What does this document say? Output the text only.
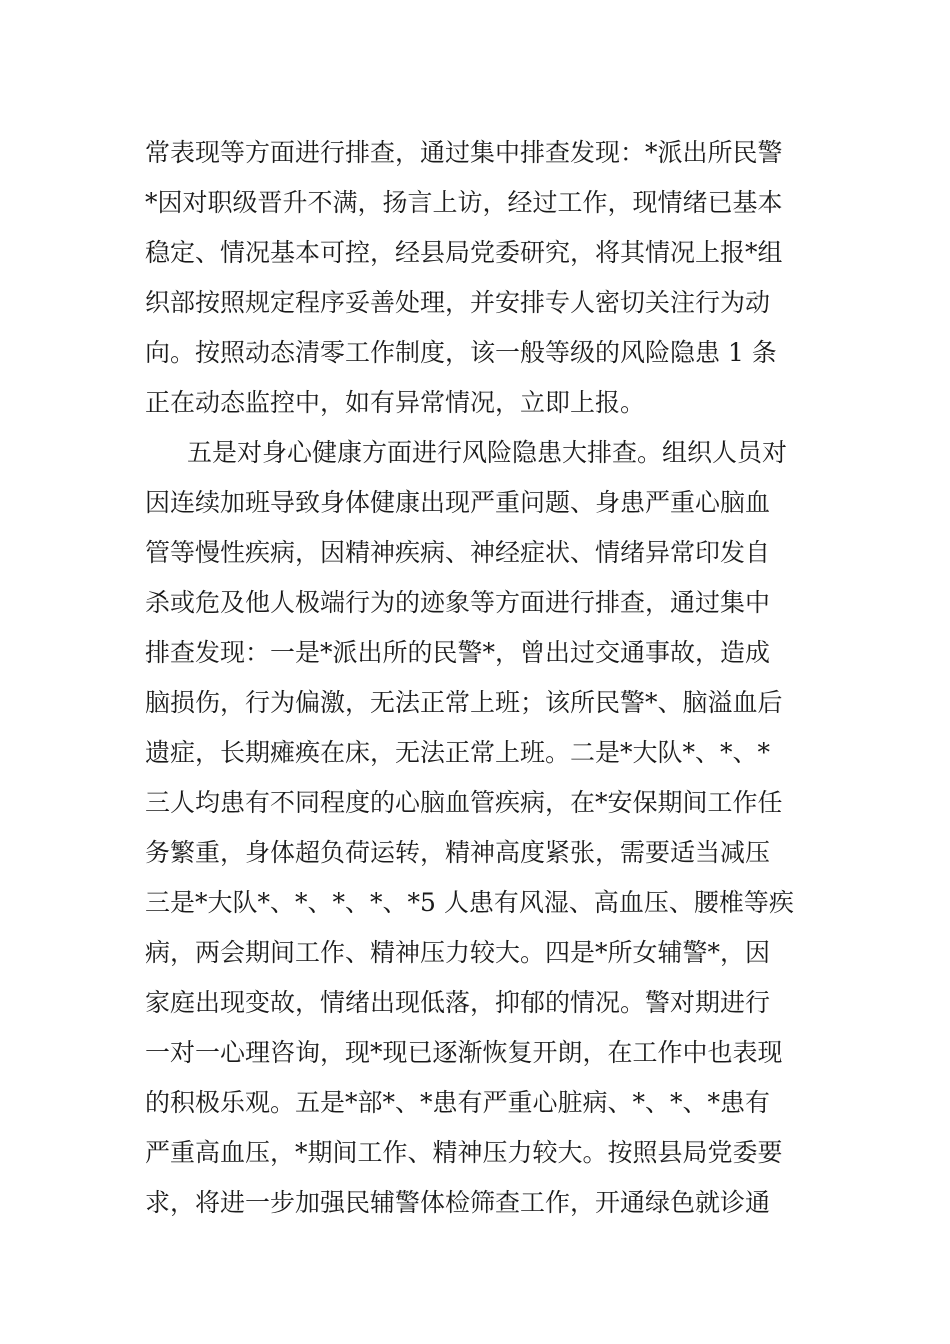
常表现等方面进行排查，通过集中排查发现：*派出所民警
*因对职级晋升不满，扬言上访，经过工作，现情绪已基本
稳定、情况基本可控，经县局党委研究，将其情况上报*组
织部按照规定程序妥善处理，并安排专人密切关注行为动
向。按照动态清零工作制度，该一般等级的风险隐患 1 条
正在动态监控中，如有异常情况，立即上报。
五是对身心健康方面进行风险隐患大排查。组织人员对
因连续加班导致身体健康出现严重问题、身患严重心脑血
管等慢性疾病，因精神疾病、神经症状、情绪异常印发自
杀或危及他人极端行为的迹象等方面进行排查，通过集中
排查发现：一是*派出所的民警*，曾出过交通事故，造成
脑损伤，行为偏激，无法正常上班；该所民警*、脑溢血后
遗症，长期瘫痪在床，无法正常上班。二是*大队*、*、*
三人均患有不同程度的心脑血管疾病，在*安保期间工作任
务繁重，身体超负荷运转，精神高度紧张，需要适当减压
三是*大队*、*、*、*、*5 人患有风湿、高血压、腰椎等疾
病，两会期间工作、精神压力较大。四是*所女辅警*，因
家庭出现变故，情绪出现低落，抑郁的情况。警对期进行
一对一心理咨询，现*现已逐渐恢复开朗，在工作中也表现
的积极乐观。五是*部*、*患有严重心脏病、*、*、*患有
严重高血压，*期间工作、精神压力较大。按照县局党委要
求，将进一步加强民辅警体检筛查工作，开通绿色就诊通
